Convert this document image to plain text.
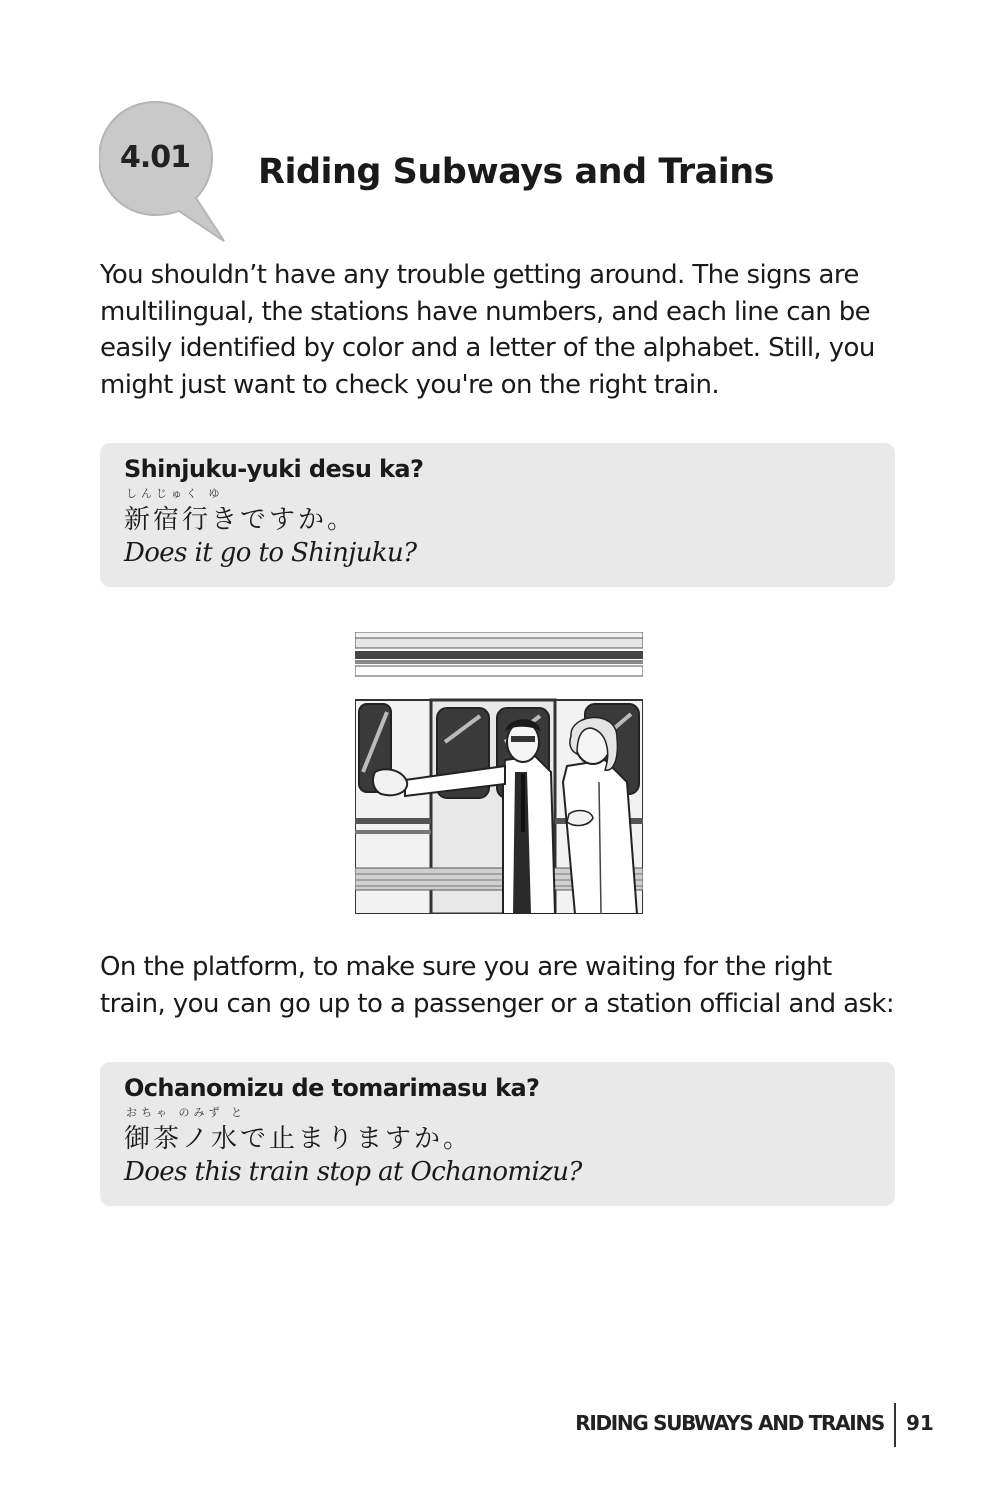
4.01	Riding Subways and Trains
You shouldn’t have any trouble getting around. The signs are multilingual, the stations have numbers, and each line can be easily identified by color and a letter of the alphabet. Still, you might just want to check you're on the right train.
Shinjuku-yuki desu ka?
しんじゅく ゆ
新宿行きですか。
Does it go to Shinjuku?
On the platform, to make sure you are waiting for the right train, you can go up to a passenger or a station official and ask:
Ochanomizu de tomarimasu ka?
おちゃ のみず と
御茶ノ水で止まりますか。
Does this train stop at Ochanomizu?
RIDING SUBWAYS AND TRAINS 91
